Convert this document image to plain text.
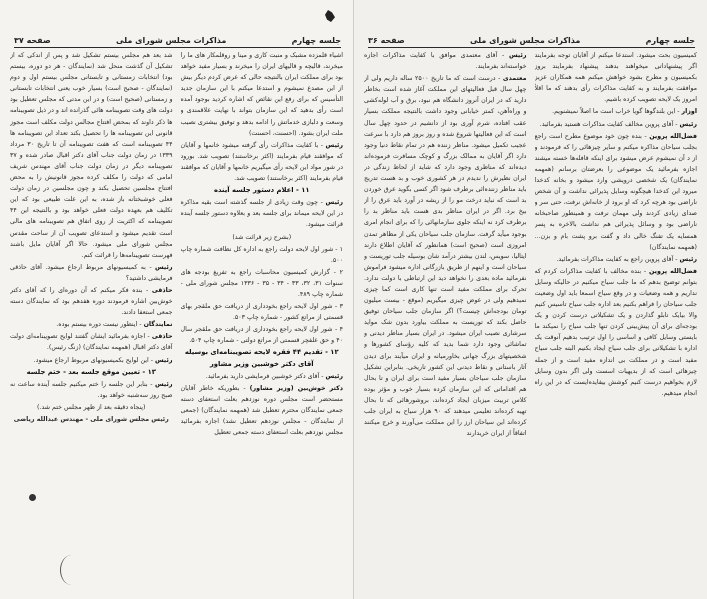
جلسه چهارم
مذاکرات مجلس شورای ملی
صفحه ۳۷

اشیاء قلمزده مشبک و منبت کاری و مینا و روقلمکار های ما را میخرند، قالیچه و قالیهای ایران را میخرند و بسیار مفید خواهد بود برای مملکت ایران بالنتیجه حالی که عرض کردم دیگر بیش از این مصدع نمیشوم و استدعا میکنم با این سازمان جدید التأسیس که برای رفع این نقائص که اشاره کردید بوجود آمده است رأی بدهید که این سازمان بتواند با نهایت علاقمندی و وسعت و دلبازی خدماتش را ادامه بدهد و توفیق بیشتری نصیب ملت ایران بشود. (احسنت، احسنت)

رئیس - با کفایت مذاکرات رأی گرفته میشود خانمها و آقایان که موافقند قیام بفرمایند (اکثر برخاستند) تصویب شد. بورود در شور مواد این لایحه رأی میگیریم خانمها و آقایان که موافقند قیام بفرمایند (اکثر برخاستند) تصویب شد.

۱۱ - اعلام دستور جلسه آینده

رئیس - چون وقت زیادی از جلسه گذشته است بقیه مذاکره در این لایحه میماند برای جلسه بعد و بعلاوه دستور جلسه آینده قرائت میشود.

(بشرح زیر قرائت شد)

۱ - شور اول لایحه دولت راجع به اداره کل نظافت شماره چاپ ۵۰۰.

۲ - گزارش کمیسیون محاسبات راجع به تفریغ بودجه های سنوات ۳۱، ۳۲، ۳۳ - ۳۴ - ۳۵ - ۱۳۳۶ مجلس شورای ملی - شماره چاپ ۴۸۹.

۳ - شور اول لایحه راجع بخودداری از دریافت حق ملقجر بهای قسمتی از مراتع کشور - شماره چاپ ۵۰۳.

۴ - شور اول لایحه راجع بخودداری از دریافت حق ملقجر سال ۴۰ و حق علفچر قسمتی از مراتع دولتی - شماره چاپ ۵۰۴.

۱۲ - تقدیم ۴۴ فقره لایحه تصویبنامه‌ای بوسیله آقای دکتر خوشبین وزیر مشاور

رئیس - آقای دکتر خوشبین فرمایشی دارید بفرمائید.

دکتر خوش‌بین (وزیر مشاور) - بطوریکه خاطر آقایان مستحضر است مجلس دوره نوزدهم بعلت استعفای دسته جمعی نمایندگان محترم تعطیل شد (همهمه نمایندگان) (جمعی از نمایندگان - مجلس نوزدهم تعطیل نشد) اجازه بفرمائید مجلس نوزدهم بعلت استعفای دسته جمعی تعطیل

شد بعد هم مجلس بیستم تشکیل شد و پس از اندکی که از تشکیل آن گذشت منحل شد (نمایندگان - هر دو دوره، بیستم بود) انتخابات زمستانی و تابستانی مجلس بیستم اول و دوم (نمایندگان - صحیح است) بسیار خوب یعنی انتخابات تابستانی و زمستانی (صحیح است) و در این مدتی که مجلس تعطیل بود دولت های وقت تصویبنامه هائی گذرانده اند و در ذیل تصویبنامه ها ذکر داوند که بمحض افتتاح مجالس دولت مکلف است مجوز قانونی این تصویبنامه ها را تحصیل بکند تعداد این تصویبنامه ها ۴۴ تصویبنامه است که هفت تصویبنامه آن تا تاریخ ۳۰ مرداد ۱۳۳۹ در زمان دولت جناب آقای دکتر اقبال صادر شده و ۳۷ تصویبنامه دیگر در زمان دولت جناب آقای مهندس شریف امامی که دولت را مکلف کرده مجوز قانونیش را به محض افتتاح مجلسین تحصیل بکند و چون مجلسین در زمان دولت فعلی خوشبختانه باز شده، به این علت طبیعی بود که این تکلیف هم بعهده دولت فعلی خواهد بود و بالنتیجه این ۴۴ تصویبنامه که اکثریت از روی اتفاق هم تصویبنامه های مالی است تقدیم میشود و استدعای تصویب آن از ساحت مقدس مجلس شورای ملی میشود. حالا اگر آقایان مایل باشند فهرست تصویبنامه‌ها را قرائت کنم.

رئیس - به کمیسیونهای مربوط ارجاع میشود. آقای حاذقی فرمایشی داشتید؟

حاذقی - بنده فکر میکنم که آن دوره‌ای را که آقای دکتر خوش‌بین اشاره فرمودند دوره هفدهم بود که نمایندگان دسته جمعی استعفا دادند.

نمایندگان - اینطور نیست دوره بیستم بوده.

حاذقی - اجازه بفرمائید ایشان گفتند لوایح تصویبنامه‌ای دولت آقای دکتر اقبال (همهمه نمایندگان) (زنگ رئیس).

رئیس - این لوایح بکمیسیونهای مربوط ارجاع میشود.

۱۳ - تعیین موقع جلسه بعد - ختم جلسه

رئیس - بنابر این جلسه را ختم میکنیم جلسه آینده ساعت نه صبح روز سه‌شنبه خواهد بود.

(پنجاه دقیقه بعد از ظهر مجلس ختم شد.)

رئیس مجلس شورای ملی - مهندس عبدالله ریاضی

جلسه چهارم
مذاکرات مجلس شورای ملی
صفحه ۳۶

کمیسیون بحث میشود. استدعا میکنم از آقایان توجه بفرمایند اگر پیشنهاداتی میخواهند بدهند پیشنهاد بفرمایند بروز بکمیسیون و مطرح بشود خواهش میکنم همه همکاران عزیز موافقت بفرمایند و به کفایت مذاکرات رأی بدهند که ما اقلاً امروز یک لایحه تصویب کرده باشیم.

اوزار - این بلندگوها گویا خراب است ما اصلاً نمیشنویم.

رئیس - آقای پروین مخالف کفایت مذاکرات هستید بفرمائید.

فضل‌الله پروین - بنده چون خود موضوع مطرح است راجع بجلب سیاحان مذاکره میکنم و سایر چیزهائی را که فرمودند و از د آن نمیشوم عرض میشود برای اینکه قافله‌ها خسته میشند اجازه بفرمائید یک موضوعی را بعرضتان برسانم (همهمه نمایندگان) یک شخصی درویشی وارد میشود و بخانه کدخدا میرود این کدخدا هیچگونه وسایل پذیرائی نداشت و آن شخص ناراضی بود هرچه کرد که او برود از خانه‌اش نرفت، حتی سر و صدای زیادی کردند ولی مهمان نرفت و همینطور صاحبخانه ناراضی بود و وسائل پذیرائی هم نداشت بالاخره به پسر همسایه یک تفنگ خالی داد و گفت برو پشت بام و بزن... (همهمه نمایندگان)

رئیس - آقای پروین راجع به کفایت مذاکرات بفرمائید.

فضل‌الله پروین - بنده مخالف با کفایت مذاکرات کردم که بتوانم توضیح بدهم که ما جلب سیاح میکنیم در حالیکه وسایل نداریم و همه وضعیات و در وقع سیاح اسمعا باید اول وضعیت جلب سیاحان را فراهم بکنیم بعد اداره جلب سیاح تاسیس کنیم والا بیایک تابلو گذاردن و یک تشکیلاتی درست کردن و یک بودجه‌ای برای آن پیش‌بینی کردن تنها جلب سیاح را نمیکند ما بایستی وسایل کافی و اساسی را اول ترتیب بدهیم آنوقت یک اداره با تشکیلاتی برای جلب سیاح ایجاد بکنیم البته جلب سیاح مفید است و در مملکت بی اندازه مفید است و از جمله چیزهائی است که از بدیهیات اسست ولی اگر بدون وسایل لازم بخواهیم درست کنیم کوشش بیفایده‌ایست که در این راه انجام میدهیم.

رئیس - آقای معتمدی موافق با کفایت مذاکرات اجازه خواسته‌اند بفرمایند.

معتمدی - درست است که ما تاریخ ۲۵۰۰ ساله داریم ولی از چهل سال قبل فعالیتهای این مملکت آغاز شده است بخاطر دارید که در ایران آنروز دانشگاه هم نبود، برق و آب لوله‌کشی و وراه‌آهن، کمتر خیابانی وجود داشت بالنتیجه مملکت بسیار عقب افتاده، شرم آوری بود از دانشیم در حدود چهل سال است که این فعالیتها شروع شده و روز بروز هم دارد با سرعت عجیب تکمیل میشود. مناظر زننده هم در تمام نقاط دنیا وجود دارد اگر آقایان به ممالک بزرگ و کوچک مسافرت فرموده‌اند دیده‌اند که مناظری وجود دارد که شاید از لحاظ زندگی در ایران نظیرش را ندیدم در هر کشوری خوب و بد هست تدریج باید مناظر زننده‌ائی برطرف شود اگر کسی بگوید عرق خوردن بد است که نباید درخت مو را از ریشه در آورد باید عرق را از بیخ برد. اگر در ایران مناظر بدی هست باید مناظر بد را برطرف کرد نه اینکه جلوی سازمانهائی را که برای انجام امری بوجود میآید گرفت. سازمان جلب سیاحان یکی از مظاهر تمدن امروزی است (صحیح است) همانطور که آقایان اطلاع دارند ایتالیا، سویس، لندن بیشتر درآمد شان بوسیله جلب توریست و سیاحان است و اینهم از طریق بازرگانی اداره میشود فراموش نفرمائید ماده بعدی را نخواهد دید این ارتباطی با دولت ندارد. تحرک برای مملکت مفید است تنها کاری است کما چیزی نمیدهیم ولی در عوض چیزی میگیریم (موقع - بیست میلیون تومان بودجه‌اش چیست؟) اگر سازمان جلب سیاحان توفیق حاصل بکند که توریست به مملکت بیاورد بدون شک مواید سرشاری نصیب ایران میشود. در ایران بسیار مناظر دیدنی و تماشائی وجود دارد شما بدید که کلیه رؤسای کشورها و شخصیتهای بزرگ جهانی بخاورمیانه و ایران میآیند برای دیدن آثار باستانی و نقاط دیدنی این کشور تاریخی. بنابراین تشکیل سازمان جلب سیاحان بسیار مفید است برای ایران و تا بحال هم اقداماتی که این سازمان کرده بسیار خوب و مؤثر بوده کلاس تربیت میزبان ایجاد کرده‌اند، بروشورهائی که تا بحال تهیه کرده‌اند تعلیمی میدهند که ۹۰ هزار سیاح به ایران جلب کرده‌اند این سیاحان ارز را این مملکت می‌آورند و خرج میکنند اتفاقاً از ایران خریدارند
